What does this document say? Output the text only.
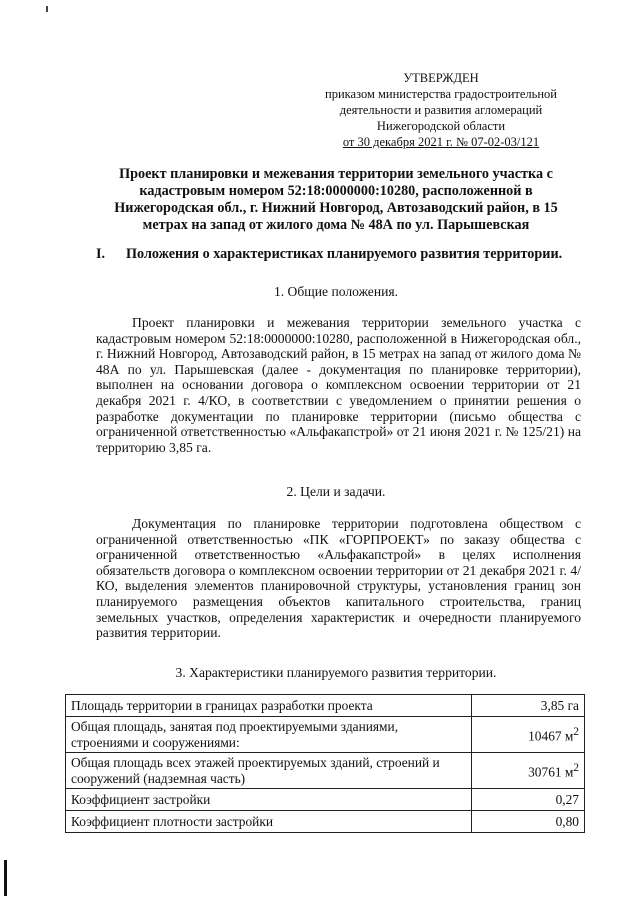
УТВЕРЖДЕН
приказом министерства градостроительной
деятельности и развития агломераций
Нижегородской области
от 30 декабря 2021 г. № 07-02-03/121
Проект планировки и межевания территории земельного участка с кадастровым номером 52:18:0000000:10280, расположенной в Нижегородская обл., г. Нижний Новгород, Автозаводский район, в 15 метрах на запад от жилого дома № 48А по ул. Парышевская
I. Положения о характеристиках планируемого развития территории.
1. Общие положения.
Проект планировки и межевания территории земельного участка с кадастровым номером 52:18:0000000:10280, расположенной в Нижегородская обл., г. Нижний Новгород, Автозаводский район, в 15 метрах на запад от жилого дома № 48А по ул. Парышевская (далее - документация по планировке территории), выполнен на основании договора о комплексном освоении территории от 21 декабря 2021 г. 4/КО, в соответствии с уведомлением о принятии решения о разработке документации по планировке территории (письмо общества с ограниченной ответственностью «Альфакапстрой» от 21 июня 2021 г. № 125/21) на территорию 3,85 га.
2. Цели и задачи.
Документация по планировке территории подготовлена обществом с ограниченной ответственностью «ПК «ГОРПРОЕКТ» по заказу общества с ограниченной ответственностью «Альфакапстрой» в целях исполнения обязательств договора о комплексном освоении территории от 21 декабря 2021 г. 4/КО, выделения элементов планировочной структуры, установления границ зон планируемого размещения объектов капитального строительства, границ земельных участков, определения характеристик и очередности планируемого развития территории.
3. Характеристики планируемого развития территории.
Площадь территории в границах разработки проекта	3,85 га
Общая площадь, занятая под проектируемыми зданиями, строениями и сооружениями:	10467 $м^2$
Общая площадь всех этажей проектируемых зданий, строений и сооружений (надземная часть)	30761 $м^2$
Коэффициент застройки	0,27
Коэффициент плотности застройки	0,80
